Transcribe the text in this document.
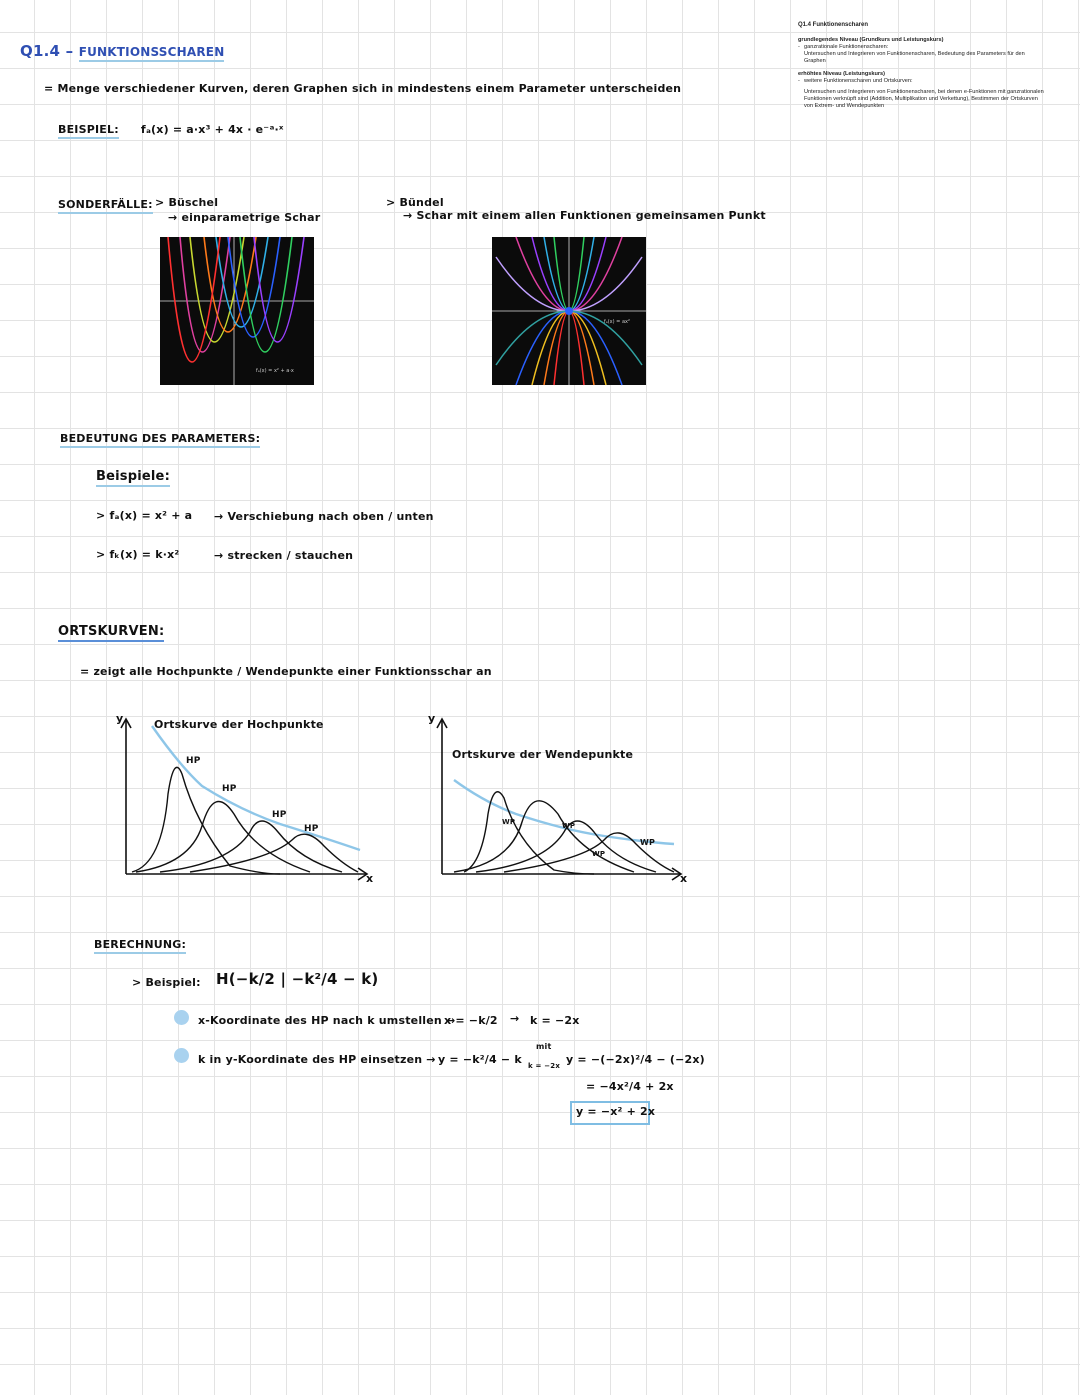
Q1.4 Funktionenscharen
grundlegendes Niveau (Grundkurs und Leistungskurs)
- ganzrationale Funktionenscharen:
Untersuchen und Integrieren von Funktionenscharen, Bedeutung des Parameters für den Graphen
erhöhtes Niveau (Leistungskurs)
- weitere Funktionenscharen und Ortskurven:
Untersuchen und Integrieren von Funktionenscharen, bei denen e-Funktionen mit ganzrationalen Funktionen verknüpft sind (Addition, Multiplikation und Verkettung), Bestimmen der Ortskurven von Extrem- und Wendepunkten
Q1.4 – FUNKTIONSSCHAREN
= Menge verschiedener Kurven, deren Graphen sich in mindestens einem Parameter unterscheiden
BEISPIEL: fₐ(x) = a·x³ + 4x · e⁻ᵃ·ˣ
SONDERFÄLLE: > Büschel
→ einparametrige Schar
> Bündel
→ Schar mit einem allen Funktionen gemeinsamen Punkt
fₐ(x) = x² + a·x
fₐ(x) = ax²
BEDEUTUNG DES PARAMETERS:
Beispiele:
> fₐ(x) = x² + a → Verschiebung nach oben / unten
> fₖ(x) = k·x²	→ strecken / stauchen
ORTSKURVEN:
= zeigt alle Hochpunkte / Wendepunkte einer Funktionsschar an
y
x
Ortskurve der Hochpunkte
HP
HP
HP
HP
y
x
Ortskurve der Wendepunkte
WP	WP
WP
WP
BERECHNUNG:
> Beispiel: H(−k/2 | −k²/4 − k)
x-Koordinate des HP nach k umstellen →
x = −k/2 → k = −2x
k in y-Koordinate des HP einsetzen → y = −k²/4 − k
mit
k = −2x y = −(−2x)²/4 − (−2x)
= −4x²/4 + 2x
y = −x² + 2x
